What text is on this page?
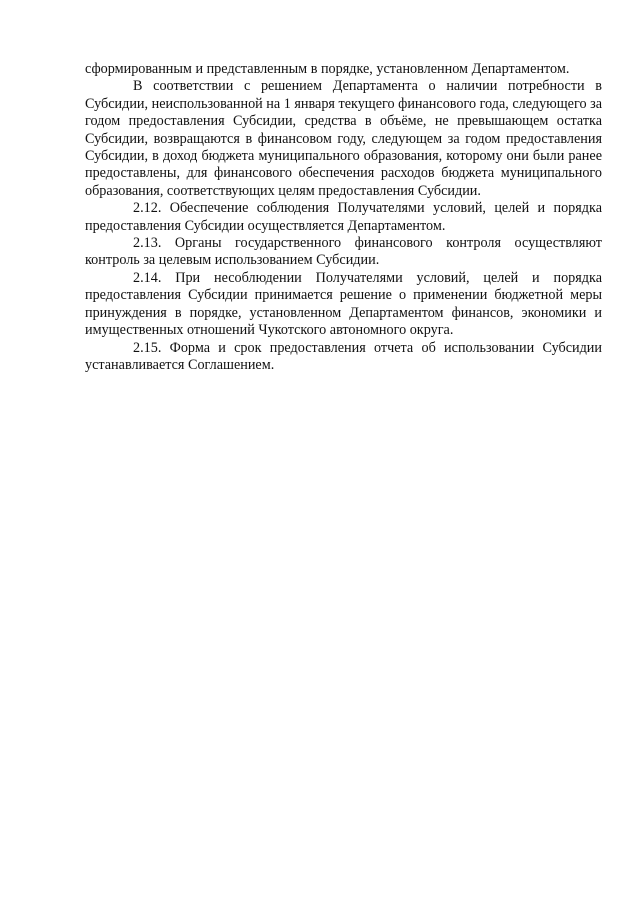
сформированным и представленным в порядке, установленном Департаментом.

В соответствии с решением Департамента о наличии потребности в Субсидии, неиспользованной на 1 января текущего финансового года, следующего за годом предоставления Субсидии, средства в объёме, не превышающем остатка Субсидии, возвращаются в финансовом году, следующем за годом предоставления Субсидии, в доход бюджета муниципального образования, которому они были ранее предоставлены, для финансового обеспечения расходов бюджета муниципального образования, соответствующих целям предоставления Субсидии.

2.12. Обеспечение соблюдения Получателями условий, целей и порядка предоставления Субсидии осуществляется Департаментом.

2.13. Органы государственного финансового контроля осуществляют контроль за целевым использованием Субсидии.

2.14. При несоблюдении Получателями условий, целей и порядка предоставления Субсидии принимается решение о применении бюджетной меры принуждения в порядке, установленном Департаментом финансов, экономики и имущественных отношений Чукотского автономного округа.

2.15. Форма и срок предоставления отчета об использовании Субсидии устанавливается Соглашением.
